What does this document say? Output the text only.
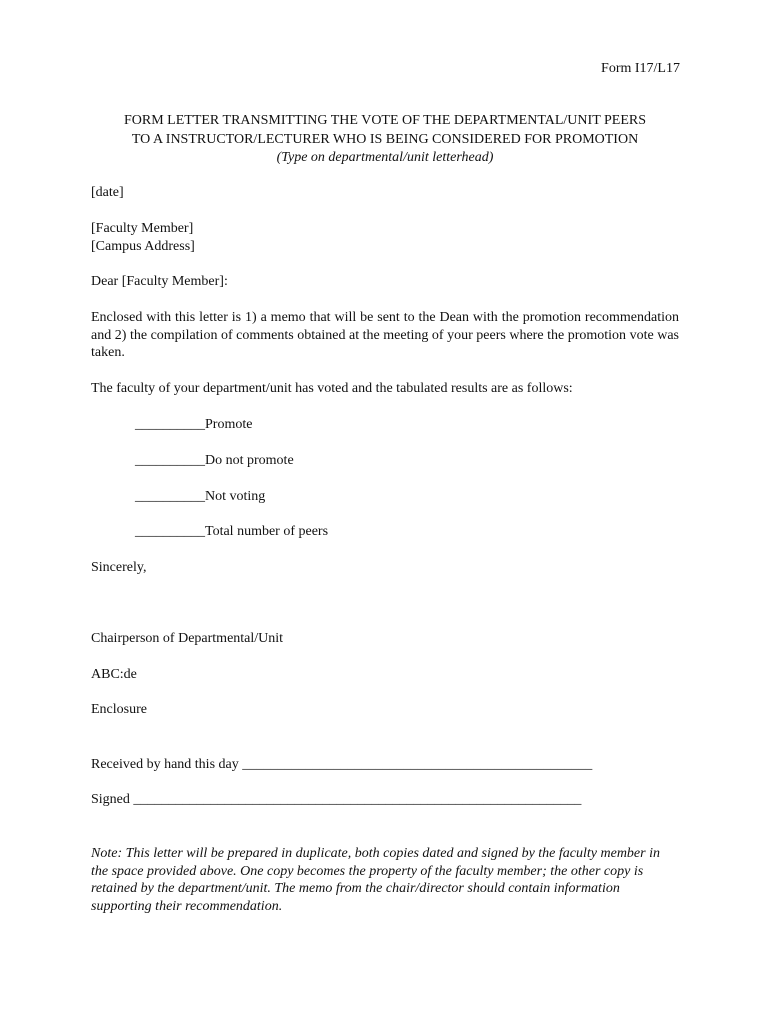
Form I17/L17
FORM LETTER TRANSMITTING THE VOTE OF THE DEPARTMENTAL/UNIT PEERS
TO A INSTRUCTOR/LECTURER WHO IS BEING CONSIDERED FOR PROMOTION
(Type on departmental/unit letterhead)
[date]
[Faculty Member]
[Campus Address]
Dear [Faculty Member]:
Enclosed with this letter is 1) a memo that will be sent to the Dean with the promotion recommendation and 2) the compilation of comments obtained at the meeting of your peers where the promotion vote was taken.
The faculty of your department/unit has voted and the tabulated results are as follows:
__________Promote
__________Do not promote
__________Not voting
__________Total number of peers
Sincerely,
Chairperson of Departmental/Unit
ABC:de
Enclosure
Received by hand this day __________________________________________________
Signed ________________________________________________________________
Note: This letter will be prepared in duplicate, both copies dated and signed by the faculty member in the space provided above. One copy becomes the property of the faculty member; the other copy is retained by the department/unit. The memo from the chair/director should contain information supporting their recommendation.
